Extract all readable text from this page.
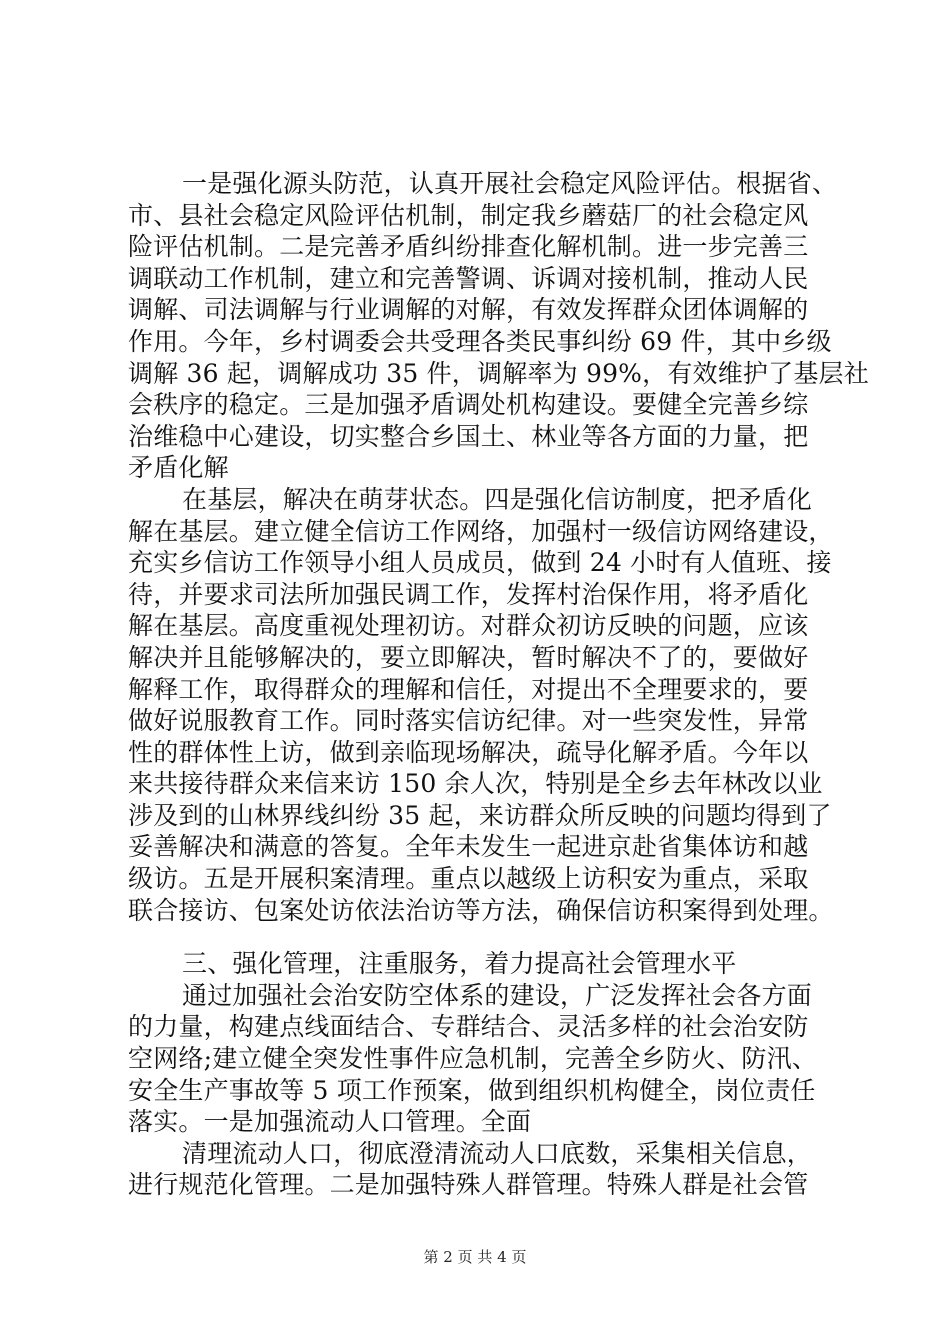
一是强化源头防范，认真开展社会稳定风险评估。根据省、
市、县社会稳定风险评估机制，制定我乡蘑菇厂的社会稳定风
险评估机制。二是完善矛盾纠纷排查化解机制。进一步完善三
调联动工作机制，建立和完善警调、诉调对接机制，推动人民
调解、司法调解与行业调解的对解，有效发挥群众团体调解的
作用。今年，乡村调委会共受理各类民事纠纷 69 件，其中乡级
调解 36 起，调解成功 35 件，调解率为 99%，有效维护了基层社
会秩序的稳定。三是加强矛盾调处机构建设。要健全完善乡综
治维稳中心建设，切实整合乡国土、林业等各方面的力量，把
矛盾化解
在基层，解决在萌芽状态。四是强化信访制度，把矛盾化
解在基层。建立健全信访工作网络，加强村一级信访网络建设，
充实乡信访工作领导小组人员成员，做到 24 小时有人值班、接
待，并要求司法所加强民调工作，发挥村治保作用，将矛盾化
解在基层。高度重视处理初访。对群众初访反映的问题，应该
解决并且能够解决的，要立即解决，暂时解决不了的，要做好
解释工作，取得群众的理解和信任，对提出不全理要求的，要
做好说服教育工作。同时落实信访纪律。对一些突发性，异常
性的群体性上访，做到亲临现场解决，疏导化解矛盾。今年以
来共接待群众来信来访 150 余人次，特别是全乡去年林改以业
涉及到的山林界线纠纷 35 起，来访群众所反映的问题均得到了
妥善解决和满意的答复。全年未发生一起进京赴省集体访和越
级访。五是开展积案清理。重点以越级上访积安为重点，采取
联合接访、包案处访依法治访等方法，确保信访积案得到处理。
三、强化管理，注重服务，着力提高社会管理水平
通过加强社会治安防空体系的建设，广泛发挥社会各方面
的力量，构建点线面结合、专群结合、灵活多样的社会治安防
空网络;建立健全突发性事件应急机制，完善全乡防火、防汛、
安全生产事故等 5 项工作预案，做到组织机构健全，岗位责任
落实。一是加强流动人口管理。全面
清理流动人口，彻底澄清流动人口底数，采集相关信息，
进行规范化管理。二是加强特殊人群管理。特殊人群是社会管
第 2 页 共 4 页
